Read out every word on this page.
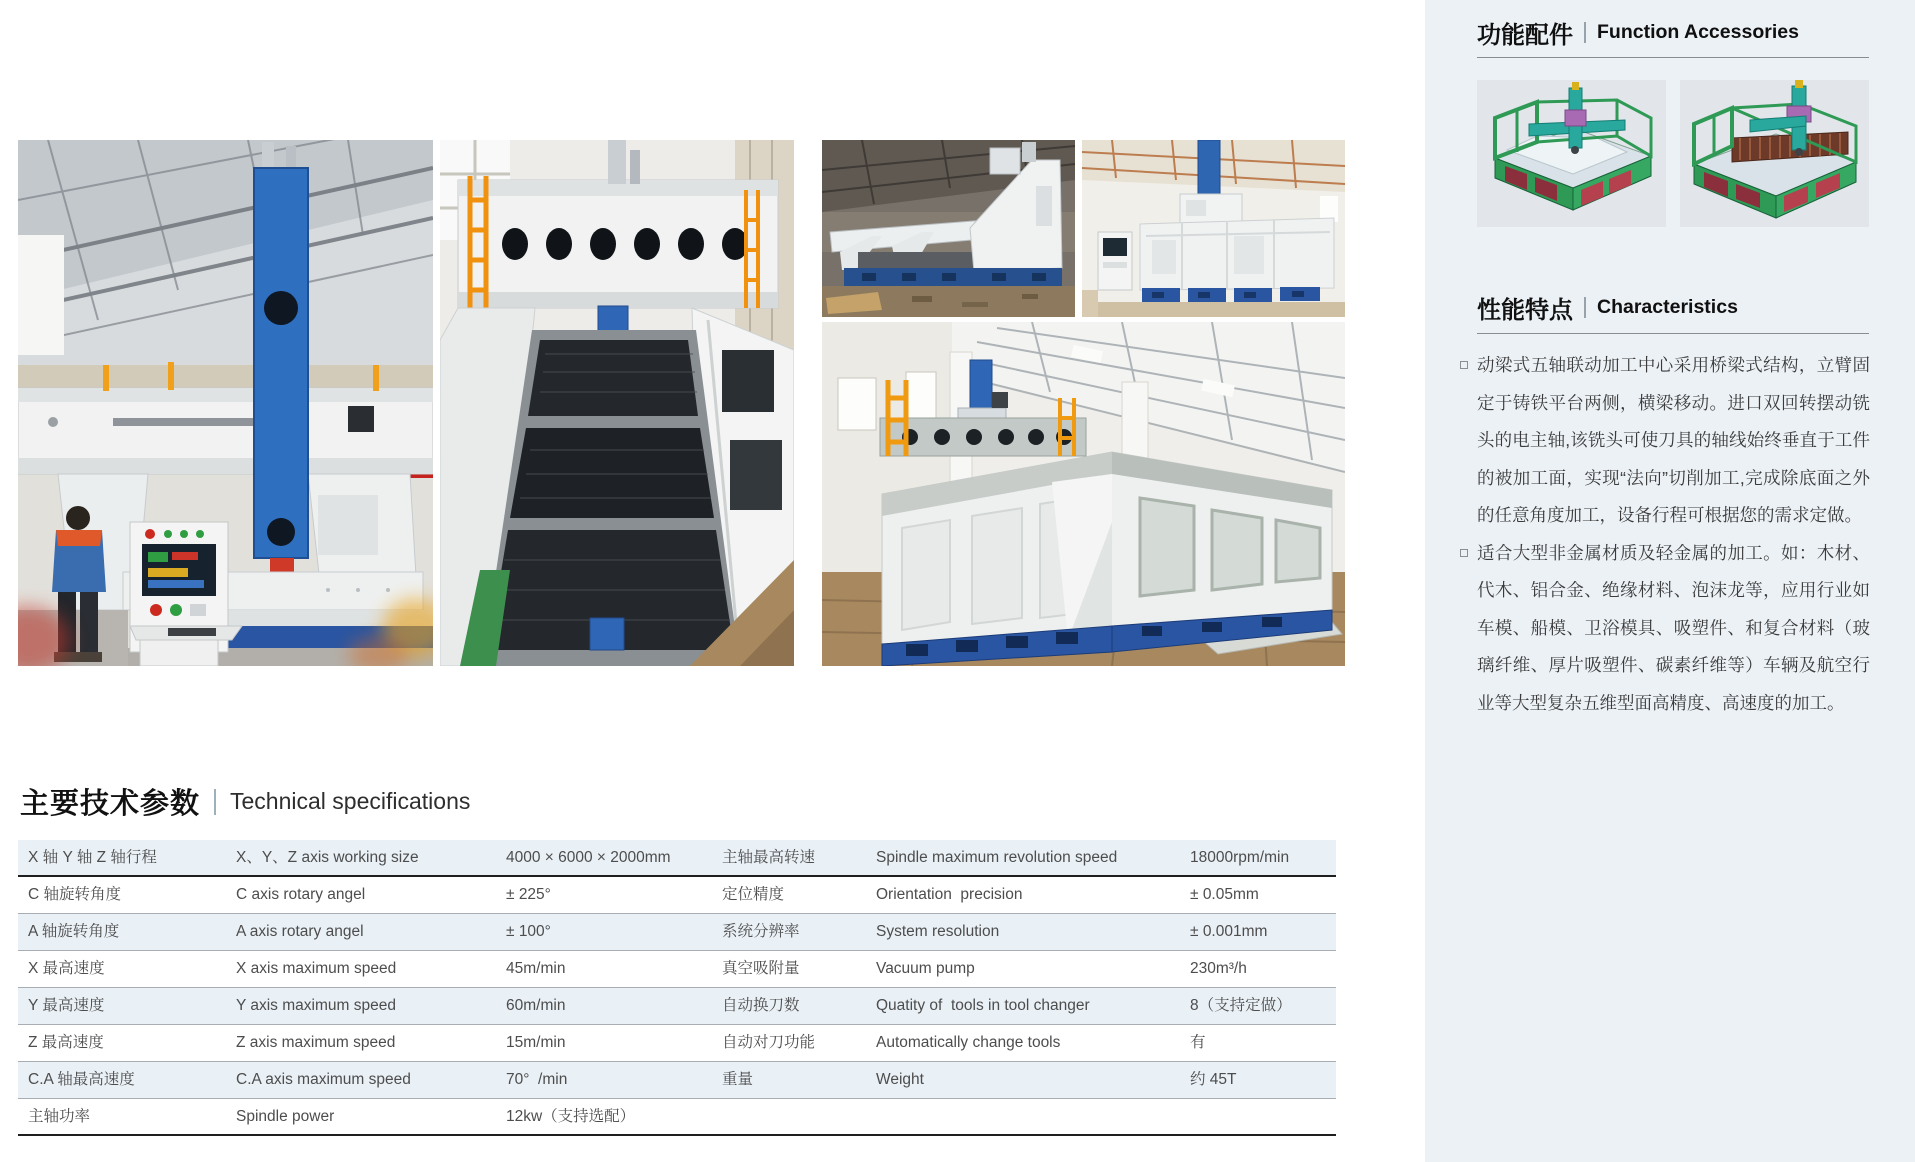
主要技术参数 Technical specifications
X 轴 Y 轴 Z 轴行程	X、Y、Z axis working size	4000 × 6000 × 2000mm	主轴最高转速	Spindle maximum revolution speed	18000rpm/min
C 轴旋转角度	C axis rotary angel	± 225°	定位精度	Orientation  precision	± 0.05mm
A 轴旋转角度	A axis rotary angel	± 100°	系统分辨率	System resolution	± 0.001mm
X 最高速度	X axis maximum speed	45m/min	真空吸附量	Vacuum pump	230m³/h
Y 最高速度	Y axis maximum speed	60m/min	自动换刀数	Quatity of  tools in tool changer	8（支持定做）
Z 最高速度	Z axis maximum speed	15m/min	自动对刀功能	Automatically change tools	有
C.A 轴最高速度	C.A axis maximum speed	70°  /min	重量	Weight	约 45T
主轴功率	Spindle power	12kw（支持选配）
功能配件 Function Accessories
性能特点 Characteristics
动梁式五轴联动加工中心采用桥梁式结构，立臂固定于铸铁平台两侧，横梁移动。进口双回转摆动铣头的电主轴,该铣头可使刀具的轴线始终垂直于工件的被加工面，实现“法向”切削加工,完成除底面之外的任意角度加工，设备行程可根据您的需求定做。
适合大型非金属材质及轻金属的加工。如：木材、代木、铝合金、绝缘材料、泡沫龙等，应用行业如车模、船模、卫浴模具、吸塑件、和复合材料（玻璃纤维、厚片吸塑件、碳素纤维等）车辆及航空行业等大型复杂五维型面高精度、高速度的加工。
